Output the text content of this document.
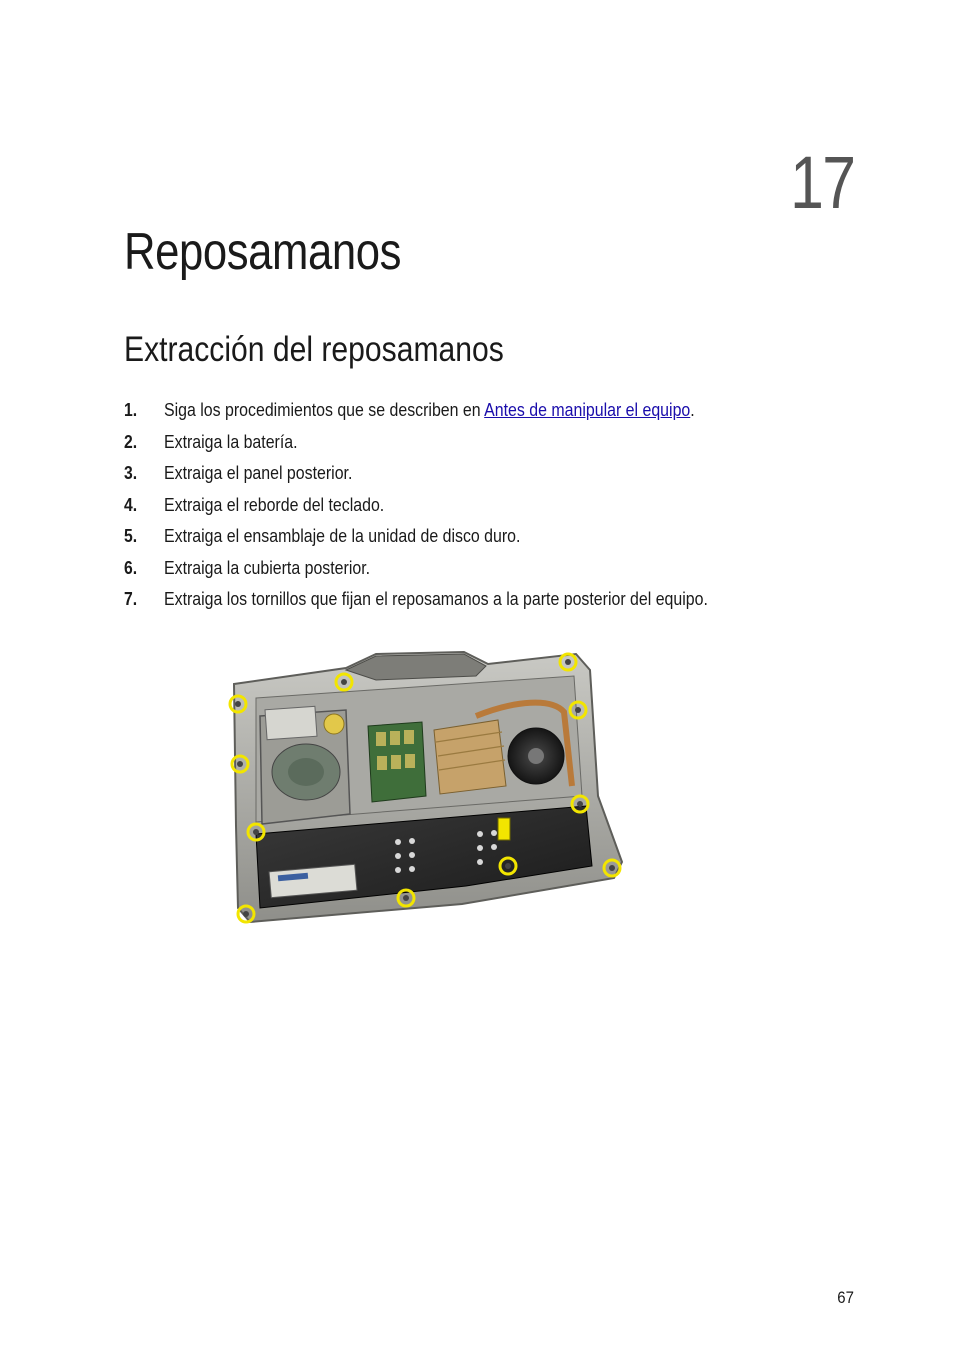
17
Reposamanos
Extracción del reposamanos
1. Siga los procedimientos que se describen en Antes de manipular el equipo.
2. Extraiga la batería.
3. Extraiga el panel posterior.
4. Extraiga el reborde del teclado.
5. Extraiga el ensamblaje de la unidad de disco duro.
6. Extraiga la cubierta posterior.
7. Extraiga los tornillos que fijan el reposamanos a la parte posterior del equipo.
67
